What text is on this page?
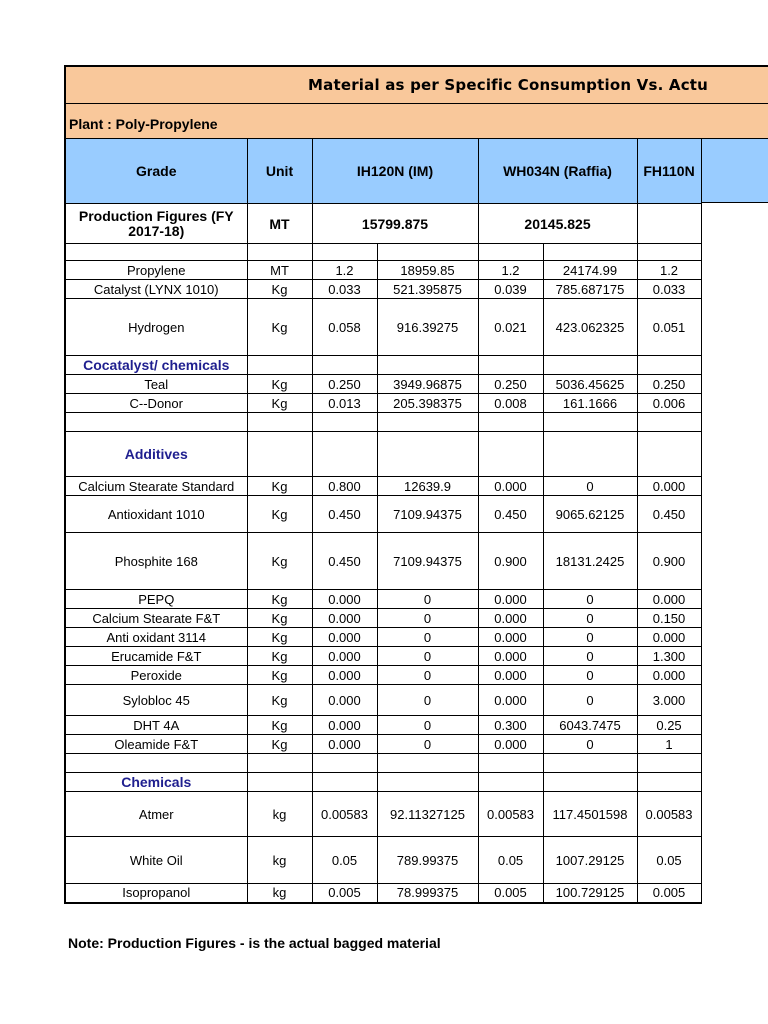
Material as per Specific Consumption Vs. Actu
Plant : Poly-Propylene
Grade	Unit	IH120N (IM)		WH034N (Raffia)		FH110N
Production Figures (FY 2017-18)	MT	15799.875		20145.825		

Propylene	MT	1.2	18959.85	1.2	24174.99	1.2
Catalyst (LYNX 1010)	Kg	0.033	521.395875	0.039	785.687175	0.033
Hydrogen	Kg	0.058	916.39275	0.021	423.062325	0.051
Cocatalyst/ chemicals						
Teal	Kg	0.250	3949.96875	0.250	5036.45625	0.250
C--Donor	Kg	0.013	205.398375	0.008	161.1666	0.006

Additives						
Calcium Stearate Standard	Kg	0.800	12639.9	0.000	0	0.000
Antioxidant 1010	Kg	0.450	7109.94375	0.450	9065.62125	0.450
Phosphite 168	Kg	0.450	7109.94375	0.900	18131.2425	0.900
PEPQ	Kg	0.000	0	0.000	0	0.000
Calcium Stearate F&T	Kg	0.000	0	0.000	0	0.150
Anti oxidant 3114	Kg	0.000	0	0.000	0	0.000
Erucamide F&T	Kg	0.000	0	0.000	0	1.300
Peroxide	Kg	0.000	0	0.000	0	0.000
Sylobloc 45	Kg	0.000	0	0.000	0	3.000
DHT 4A	Kg	0.000	0	0.300	6043.7475	0.25
Oleamide F&T	Kg	0.000	0	0.000	0	1

Chemicals						
Atmer	kg	0.00583	92.11327125	0.00583	117.4501598	0.00583
White Oil	kg	0.05	789.99375	0.05	1007.29125	0.05
Isopropanol	kg	0.005	78.999375	0.005	100.729125	0.005
Note: Production Figures - is the actual bagged material
